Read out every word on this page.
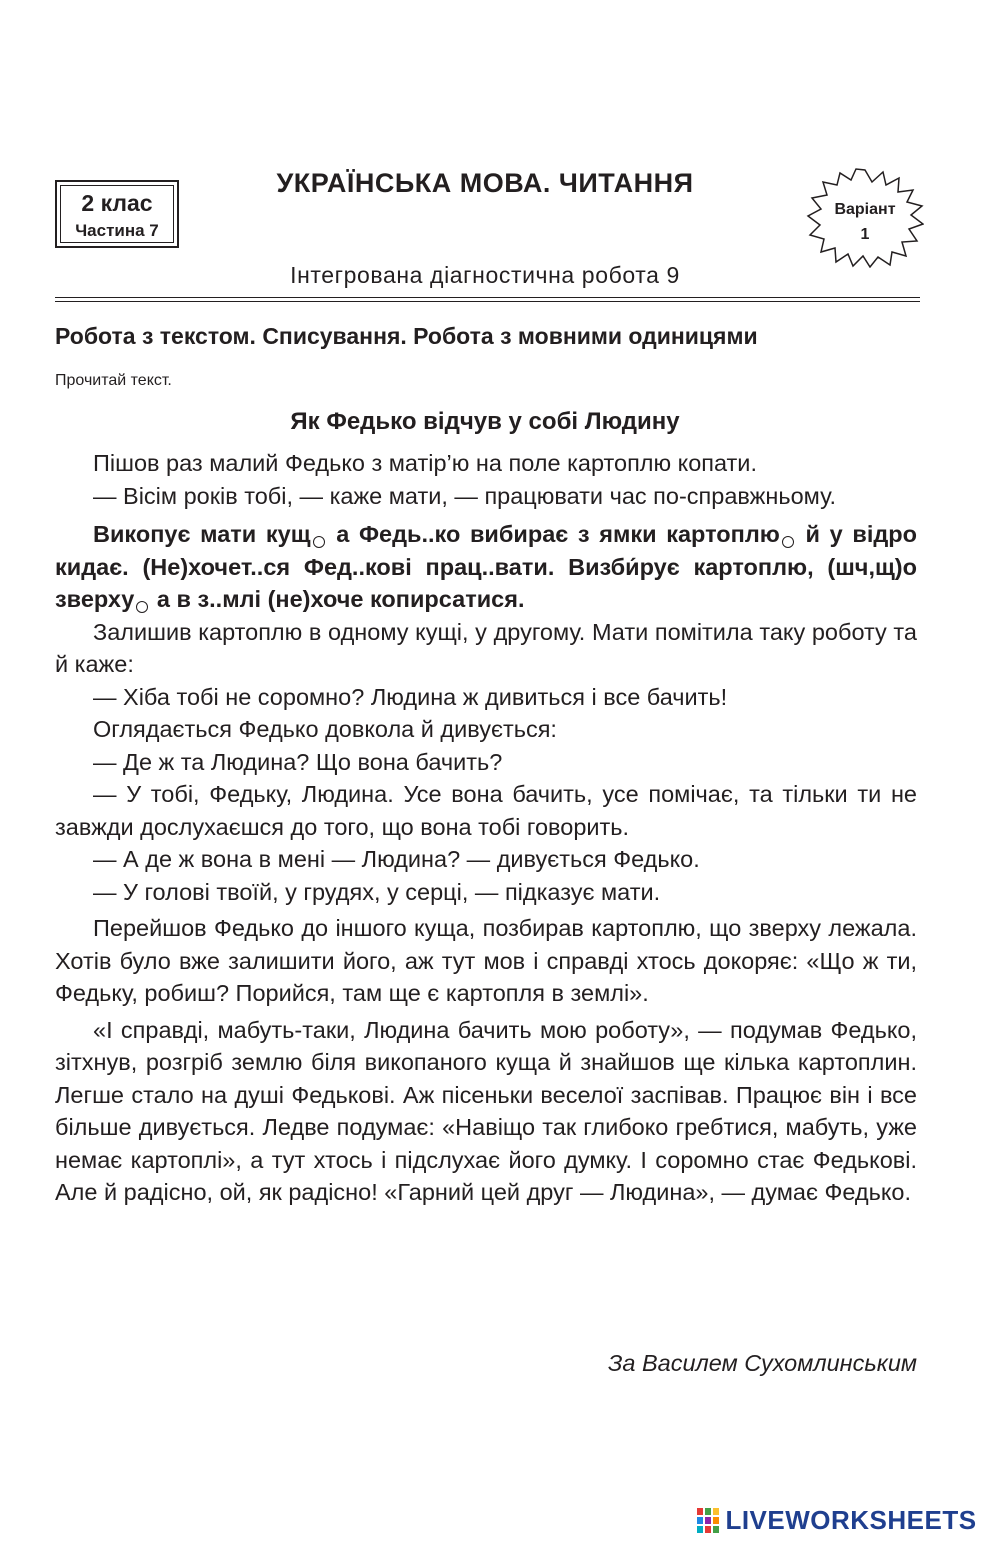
2 клас
Частина 7
УКРАЇНСЬКА МОВА. ЧИТАННЯ
Варіант
1
Інтегрована діагностична робота 9
Робота з текстом. Списування. Робота з мовними одиницями
Прочитай текст.
Як Федько відчув у собі Людину

Пішов раз малий Федько з матір’ю на поле картоплю копати.

— Вісім років тобі, — каже мати, — працювати час по-справжньому.

Викопує мати кущ а Федь..ко вибирає з ямки картоплю й у відро кидає. (Не)хочет..ся Фед..кові прац..вати. Визби́рує картоплю, (шч,щ)о зверху а в з..млі (не)хоче копирсатися.

Залишив картоплю в одному кущі, у другому. Мати помітила таку роботу та й каже:

— Хіба тобі не соромно? Людина ж дивиться і все бачить!

Оглядається Федько довкола й дивується:

— Де ж та Людина? Що вона бачить?

— У тобі, Федьку, Людина. Усе вона бачить, усе помічає, та тільки ти не завжди дослухаєшся до того, що вона тобі говорить.

— А де ж вона в мені — Людина? — дивується Федько.

— У голові твоїй, у грудях, у серці, — підказує мати.

Перейшов Федько до іншого куща, позбирав картоплю, що зверху лежала. Хотів було вже залишити його, аж тут мов і справді хтось докоряє: «Що ж ти, Федьку, робиш? Порийся, там ще є картопля в землі».

«І справді, мабуть-таки, Людина бачить мою роботу», — подумав Федько, зітхнув, розгріб землю біля викопаного куща й знайшов ще кілька картоплин. Легше стало на душі Федькові. Аж пісеньки веселої заспівав. Працює він і все більше дивується. Ледве подумає: «Навіщо так глибоко гребтися, мабуть, уже немає картоплі», а тут хтось і підслухає його думку. І соромно стає Федькові. Але й радісно, ой, як радісно! «Гарний цей друг — Людина», — думає Федько.

За Василем Сухомлинським
LIVEWORKSHEETS
